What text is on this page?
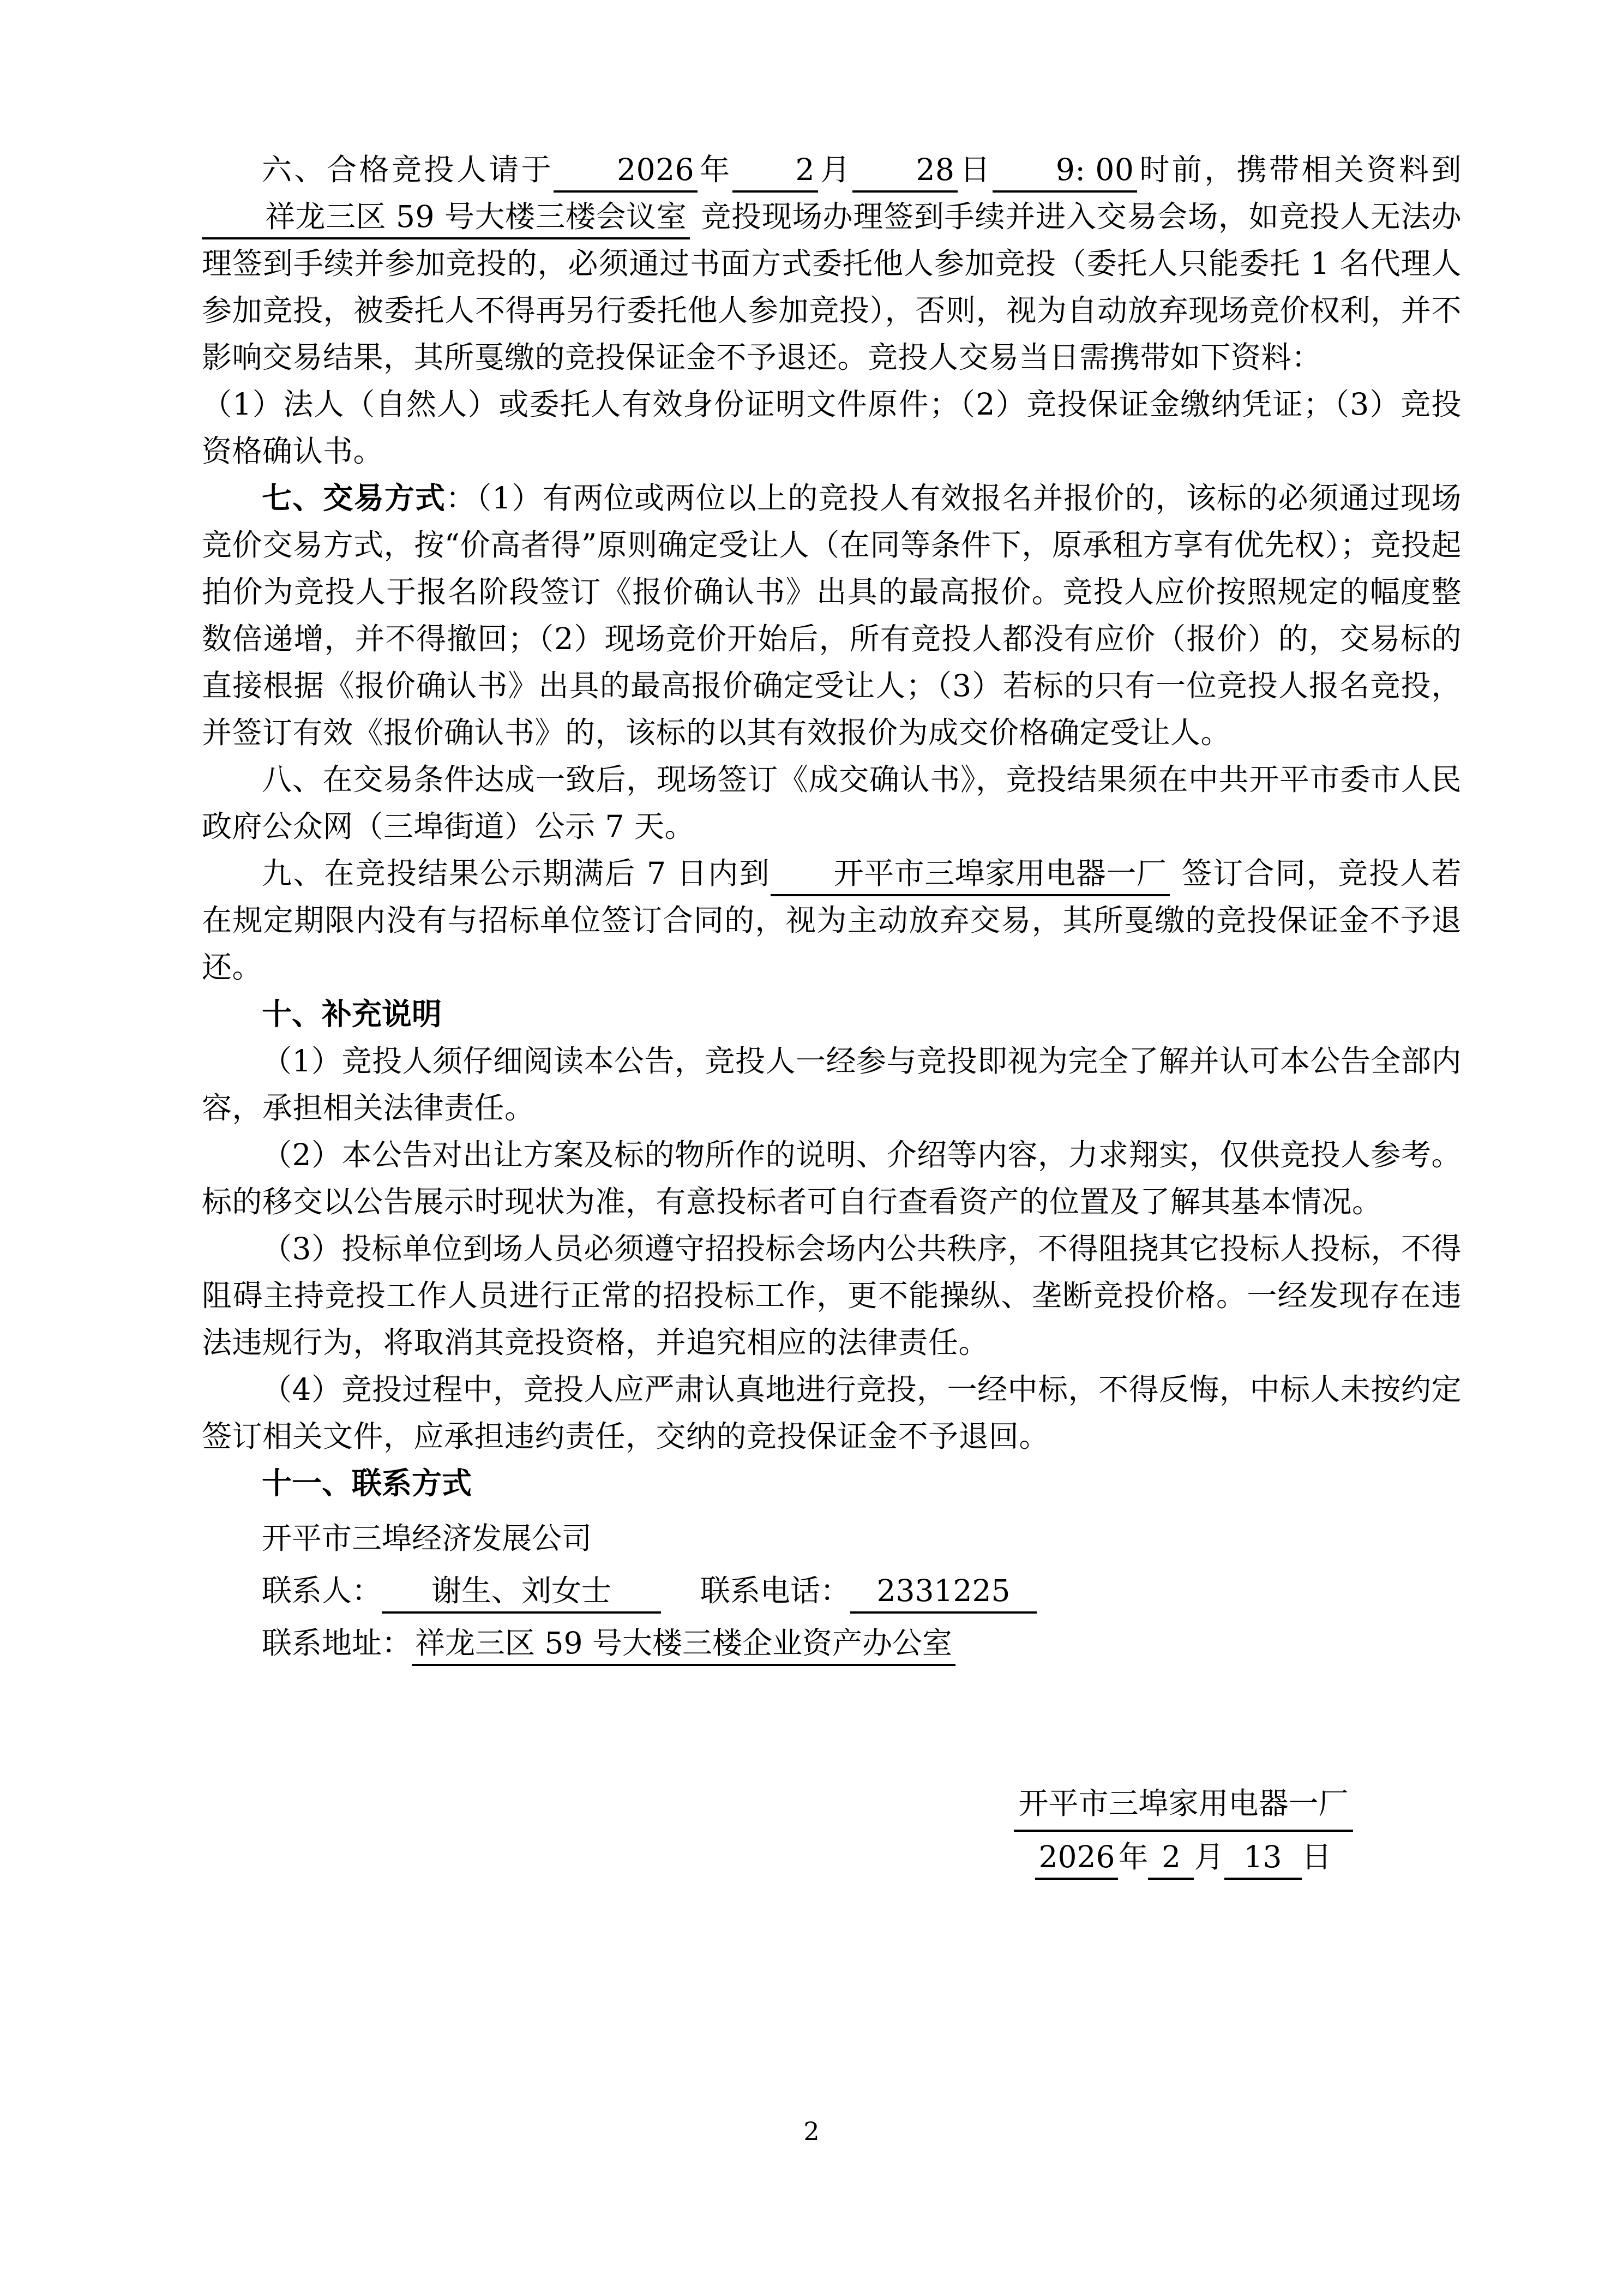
六、合格竞投人请于 2026 年 2 月 28 日 9: 00 时前，携带相关资料到祥龙三区 59 号大楼三楼会议室 竞投现场办理签到手续并进入交易会场，如竞投人无法办理签到手续并参加竞投的，必须通过书面方式委托他人参加竞投（委托人只能委托 1 名代理人参加竞投，被委托人不得再另行委托他人参加竞投），否则，视为自动放弃现场竞价权利，并不影响交易结果，其所戛缴的竞投保证金不予退还。竞投人交易当日需携带如下资料：

（1）法人（自然人）或委托人有效身份证明文件原件；（2）竞投保证金缴纳凭证；（3）竞投资格确认书。

七、交易方式：（1）有两位或两位以上的竞投人有效报名并报价的，该标的必须通过现场竞价交易方式，按“价高者得”原则确定受让人（在同等条件下，原承租方享有优先权）；竞投起拍价为竞投人于报名阶段签订《报价确认书》出具的最高报价。竞投人应价按照规定的幅度整数倍递增，并不得撤回；（2）现场竞价开始后，所有竞投人都没有应价（报价）的，交易标的直接根据《报价确认书》出具的最高报价确定受让人；（3）若标的只有一位竞投人报名竞投，并签订有效《报价确认书》的，该标的以其有效报价为成交价格确定受让人。

八、在交易条件达成一致后，现场签订《成交确认书》，竞投结果须在中共开平市委市人民政府公众网（三埠街道）公示 7 天。

九、在竞投结果公示期满后 7 日内到 开平市三埠家用电器一厂 签订合同，竞投人若在规定期限内没有与招标单位签订合同的，视为主动放弃交易，其所戛缴的竞投保证金不予退还。

十、补充说明

（1）竞投人须仔细阅读本公告，竞投人一经参与竞投即视为完全了解并认可本公告全部内容，承担相关法律责任。

（2）本公告对出让方案及标的物所作的说明、介绍等内容，力求翔实，仅供竞投人参考。标的移交以公告展示时现状为准，有意投标者可自行查看资产的位置及了解其基本情况。

（3）投标单位到场人员必须遵守招投标会场内公共秩序，不得阻挠其它投标人投标，不得阻碍主持竞投工作人员进行正常的招投标工作，更不能操纵、垄断竞投价格。一经发现存在违法违规行为，将取消其竞投资格，并追究相应的法律责任。

（4）竞投过程中，竞投人应严肃认真地进行竞投，一经中标，不得反悔，中标人未按约定签订相关文件，应承担违约责任，交纳的竞投保证金不予退回。

十一、联系方式

开平市三埠经济发展公司
联系人： 谢生、刘女士	联系电话： 2331225
联系地址： 祥龙三区 59 号大楼三楼企业资产办公室
开平市三埠家用电器一厂
2026 年 2 月 13 日
2
